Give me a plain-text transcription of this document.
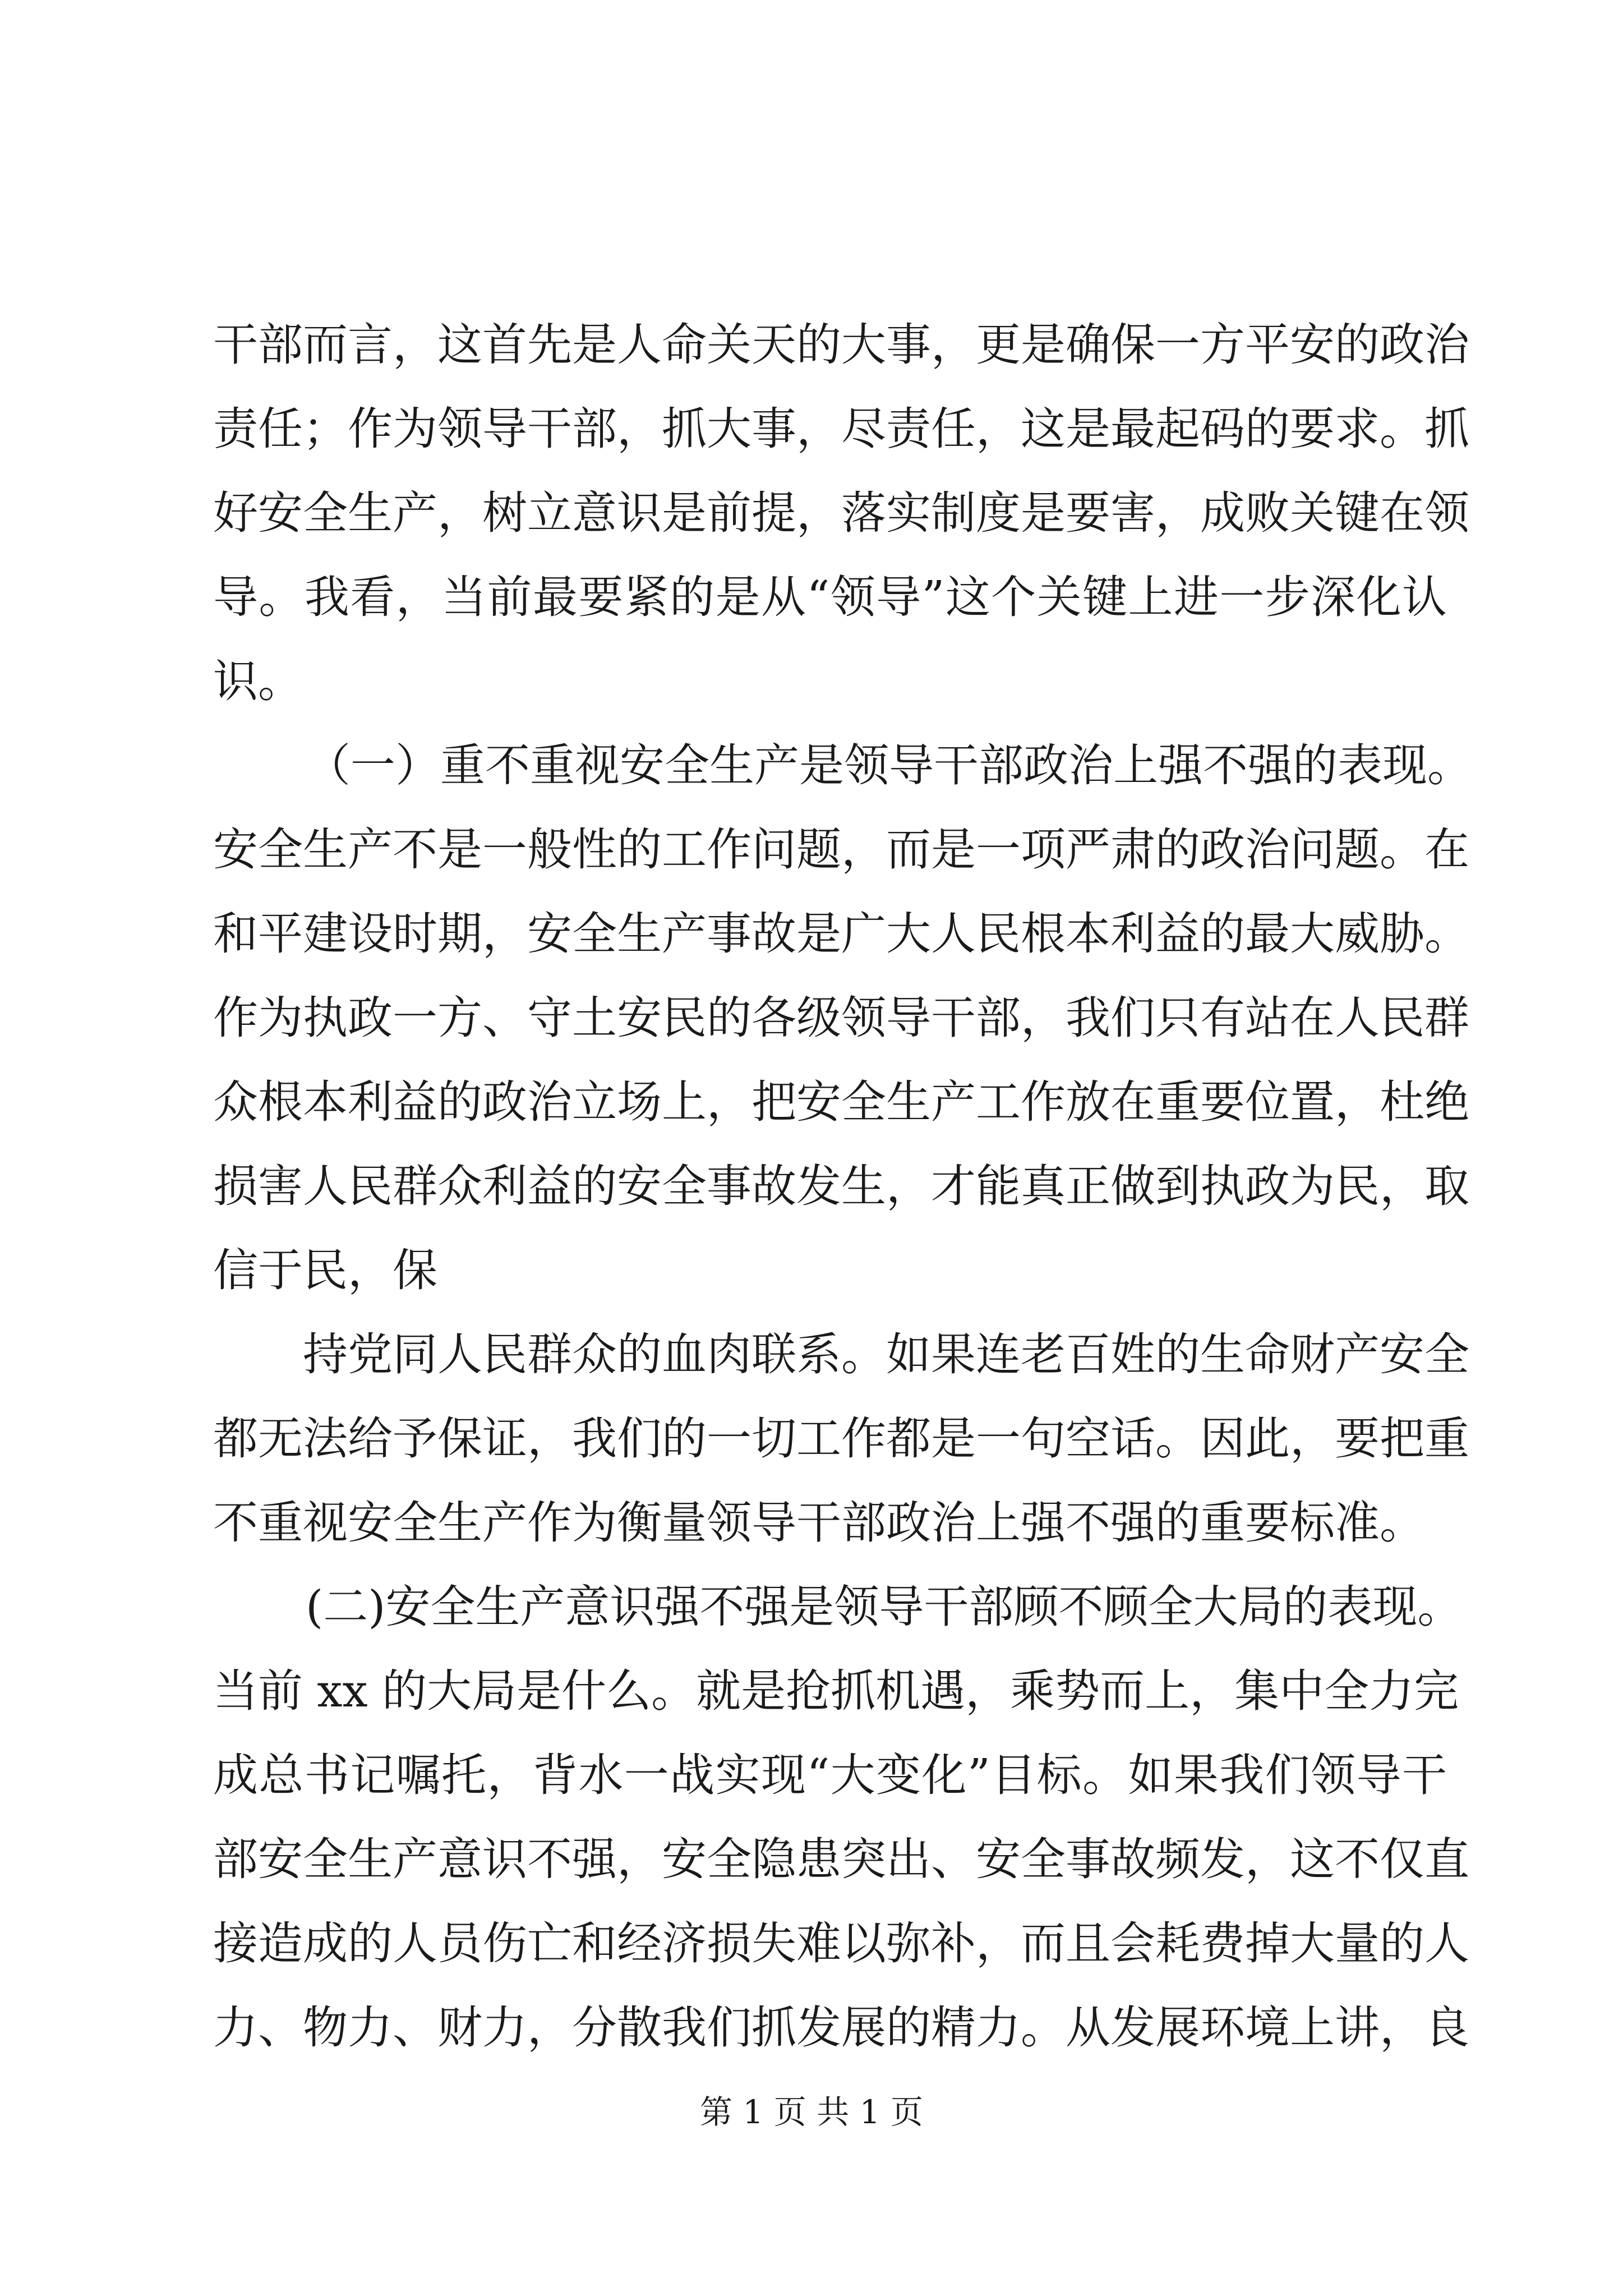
干部而言，这首先是人命关天的大事，更是确保一方平安的政治
责任；作为领导干部，抓大事，尽责任，这是最起码的要求。抓
好安全生产，树立意识是前提，落实制度是要害，成败关键在领
导。我看，当前最要紧的是从“领导”这个关键上进一步深化认
识。
（一）重不重视安全生产是领导干部政治上强不强的表现。
安全生产不是一般性的工作问题，而是一项严肃的政治问题。在
和平建设时期，安全生产事故是广大人民根本利益的最大威胁。
作为执政一方、守土安民的各级领导干部，我们只有站在人民群
众根本利益的政治立场上，把安全生产工作放在重要位置，杜绝
损害人民群众利益的安全事故发生，才能真正做到执政为民，取
信于民，保
持党同人民群众的血肉联系。如果连老百姓的生命财产安全
都无法给予保证，我们的一切工作都是一句空话。因此，要把重
不重视安全生产作为衡量领导干部政治上强不强的重要标准。
(二)安全生产意识强不强是领导干部顾不顾全大局的表现。
当前 xx 的大局是什么。就是抢抓机遇，乘势而上，集中全力完
成总书记嘱托，背水一战实现“大变化”目标。如果我们领导干
部安全生产意识不强，安全隐患突出、安全事故频发，这不仅直
接造成的人员伤亡和经济损失难以弥补，而且会耗费掉大量的人
力、物力、财力，分散我们抓发展的精力。从发展环境上讲，良
第 1 页 共 1 页
